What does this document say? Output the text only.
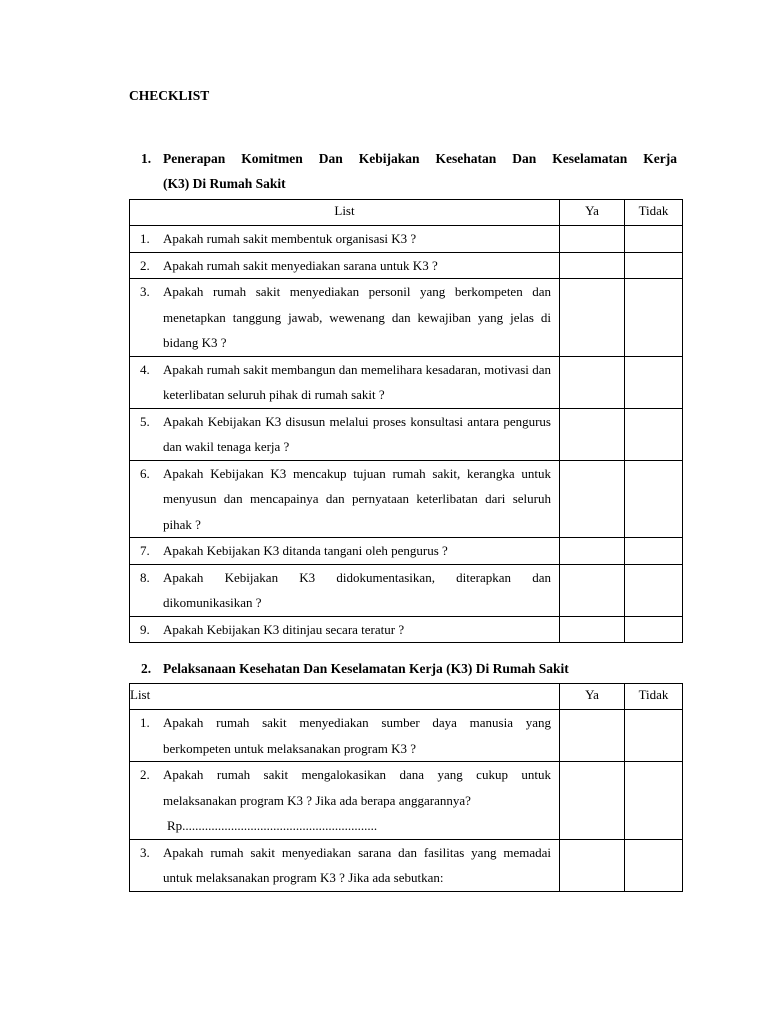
CHECKLIST
1. Penerapan Komitmen Dan Kebijakan Kesehatan Dan Keselamatan Kerja
(K3) Di Rumah Sakit
List	Ya	Tidak

1. Apakah rumah sakit membentuk organisasi K3 ?		

2. Apakah rumah sakit menyediakan sarana untuk K3 ?		

3. Apakah rumah sakit menyediakan personil yang berkompeten dan menetapkan tanggung jawab, wewenang dan kewajiban yang jelas di bidang K3 ?		

4. Apakah rumah sakit membangun dan memelihara kesadaran, motivasi dan keterlibatan seluruh pihak di rumah sakit ?		

5. Apakah Kebijakan K3 disusun melalui proses konsultasi antara pengurus dan wakil tenaga kerja ?		

6. Apakah Kebijakan K3 mencakup tujuan rumah sakit, kerangka untuk menyusun dan mencapainya dan pernyataan keterlibatan dari seluruh pihak ?		

7. Apakah Kebijakan K3 ditanda tangani oleh pengurus ?		

8. Apakah Kebijakan K3 didokumentasikan, diterapkan dan dikomunikasikan ?		

9. Apakah Kebijakan K3 ditinjau secara teratur ?		

2. Pelaksanaan Kesehatan Dan Keselamatan Kerja (K3) Di Rumah Sakit
List	Ya	Tidak

1. Apakah rumah sakit menyediakan sumber daya manusia yang berkompeten untuk melaksanakan program K3 ?		

2. Apakah rumah sakit mengalokasikan dana yang cukup untuk melaksanakan program K3 ? Jika ada berapa anggarannya?
Rp............................................................		

3. Apakah rumah sakit menyediakan sarana dan fasilitas yang memadai untuk melaksanakan program K3 ? Jika ada sebutkan:		
